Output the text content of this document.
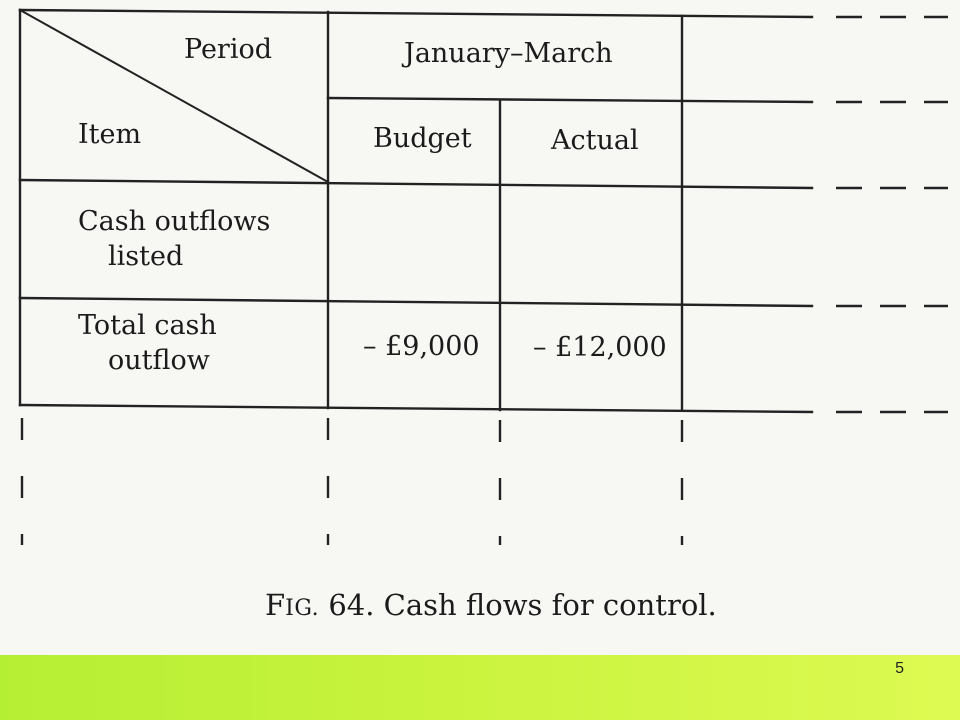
Period
Item
January–March
Budget	Actual
Cash outflows
listed
Total cash
outflow	– £9,000 – £12,000
FIG. 64. Cash flows for control.
5
